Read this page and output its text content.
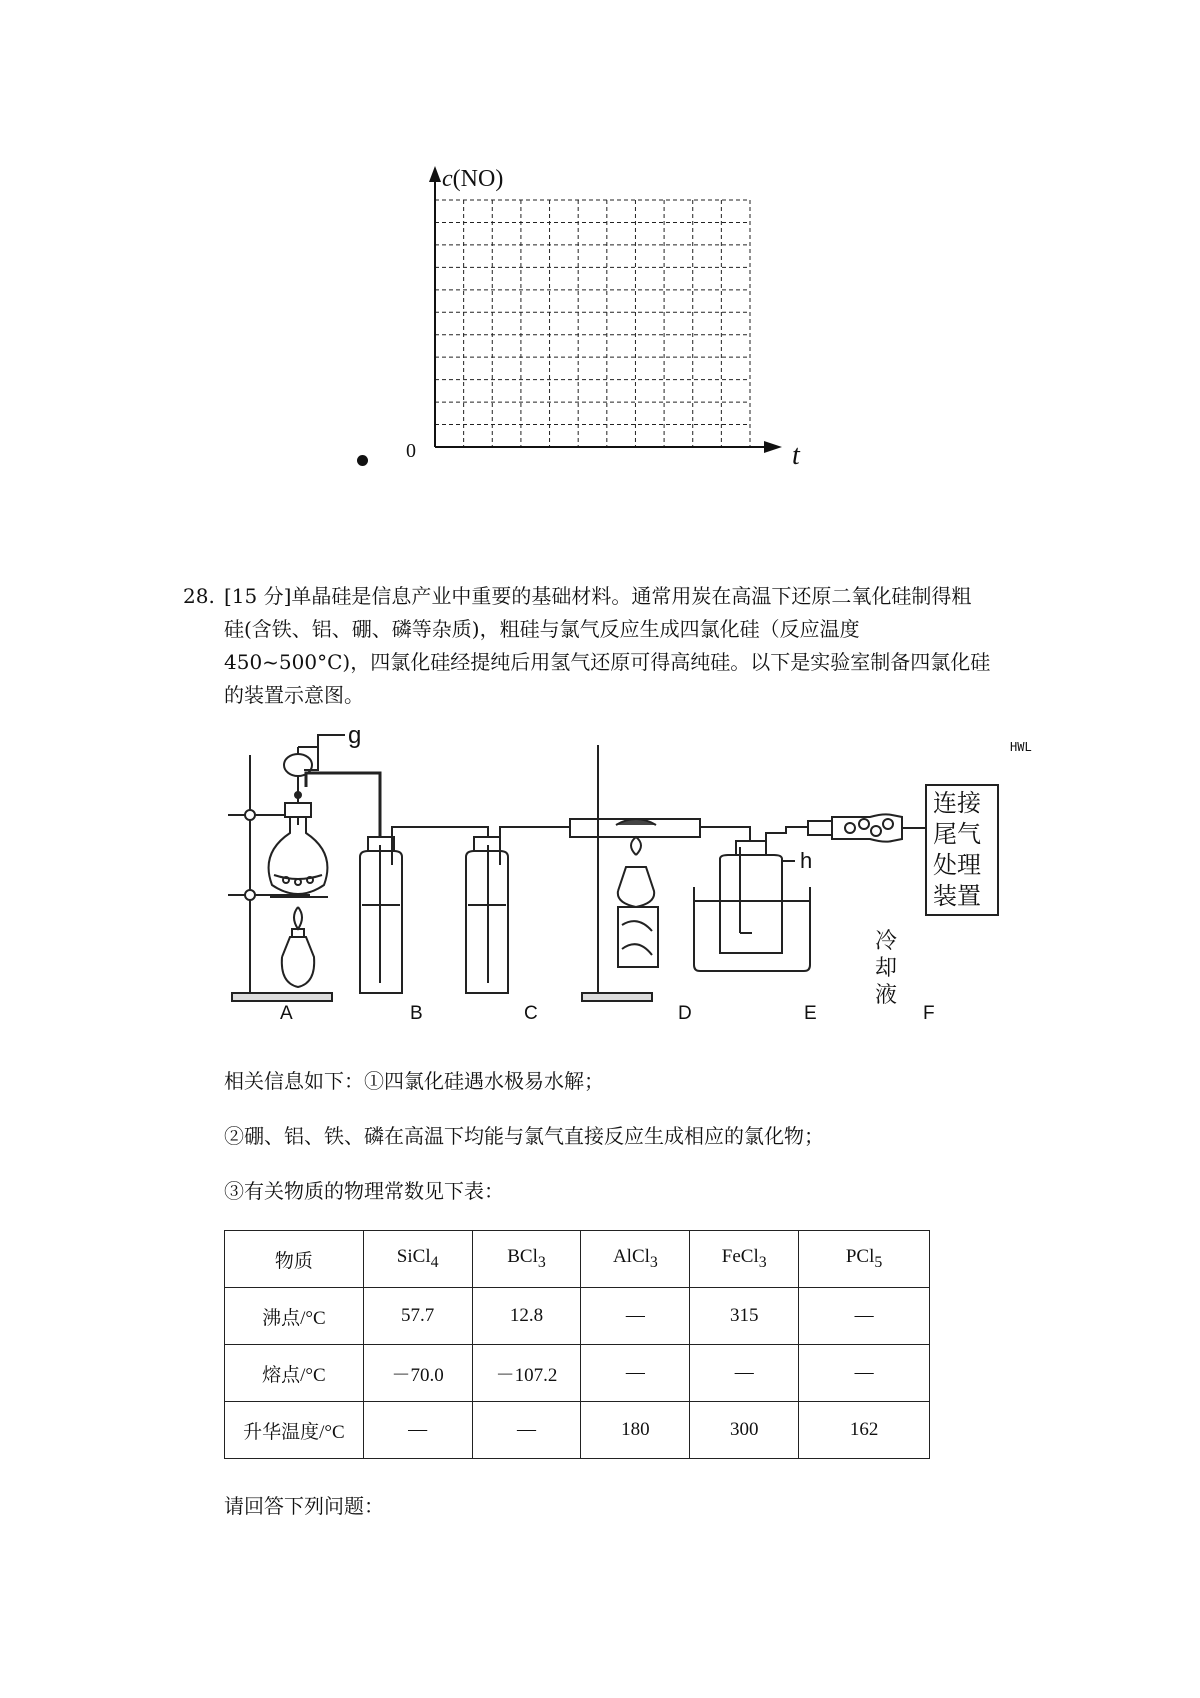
c(NO)
t
0
28. [15 分]单晶硅是信息产业中重要的基础材料。通常用炭在高温下还原二氧化硅制得粗
硅(含铁、铝、硼、磷等杂质)，粗硅与氯气反应生成四氯化硅（反应温度
450~500°C)，四氯化硅经提纯后用氢气还原可得高纯硅。以下是实验室制备四氯化硅
的装置示意图。
g
h
HWL
A	B	C	D	E	F
冷
却
液
连接
尾气
处理
装置
相关信息如下：①四氯化硅遇水极易水解；
②硼、铝、铁、磷在高温下均能与氯气直接反应生成相应的氯化物；
③有关物质的物理常数见下表：
物质	SiCl$_4$	BCl$_3$	AlCl$_3$	FeCl$_3$	PCl$_5$
沸点/°C	57.7	12.8	—	315	—
熔点/°C	－70.0	－107.2	—	—	—
升华温度/°C	—	—	180	300	162
请回答下列问题：
